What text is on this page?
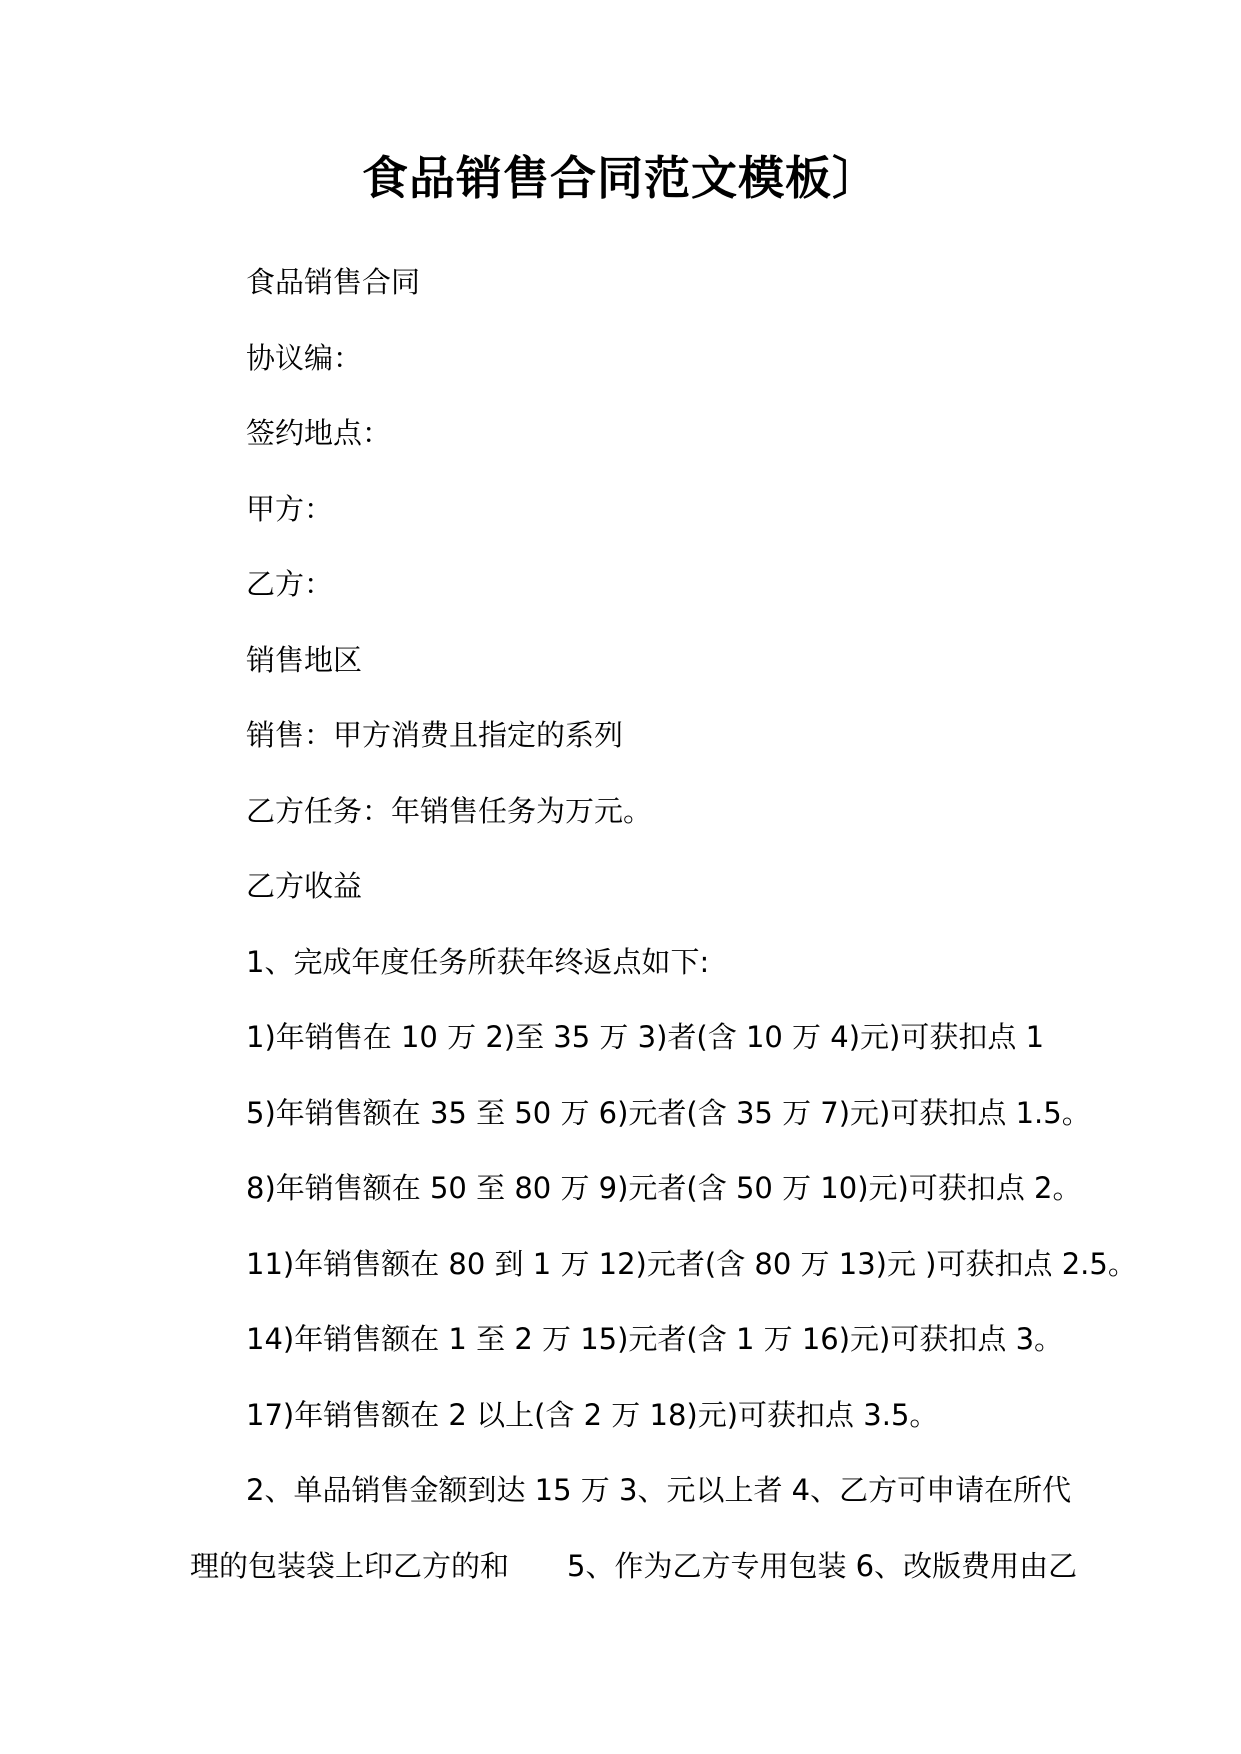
食品销售合同范文模板〕

食品销售合同

协议编：

签约地点：

甲方：

乙方：

销售地区

销售：甲方消费且指定的系列

乙方任务：年销售任务为万元。

乙方收益

1、完成年度任务所获年终返点如下:

1)年销售在 10 万 2)至 35 万 3)者(含 10 万 4)元)可获扣点 1

5)年销售额在 35 至 50 万 6)元者(含 35 万 7)元)可获扣点 1.5。

8)年销售额在 50 至 80 万 9)元者(含 50 万 10)元)可获扣点 2。

11)年销售额在 80 到 1 万 12)元者(含 80 万 13)元 )可获扣点 2.5。

14)年销售额在 1 至 2 万 15)元者(含 1 万 16)元)可获扣点 3。

17)年销售额在 2 以上(含 2 万 18)元)可获扣点 3.5。

2、单品销售金额到达 15 万 3、元以上者 4、乙方可申请在所代

理的包装袋上印乙方的和　　5、作为乙方专用包装 6、改版费用由乙
